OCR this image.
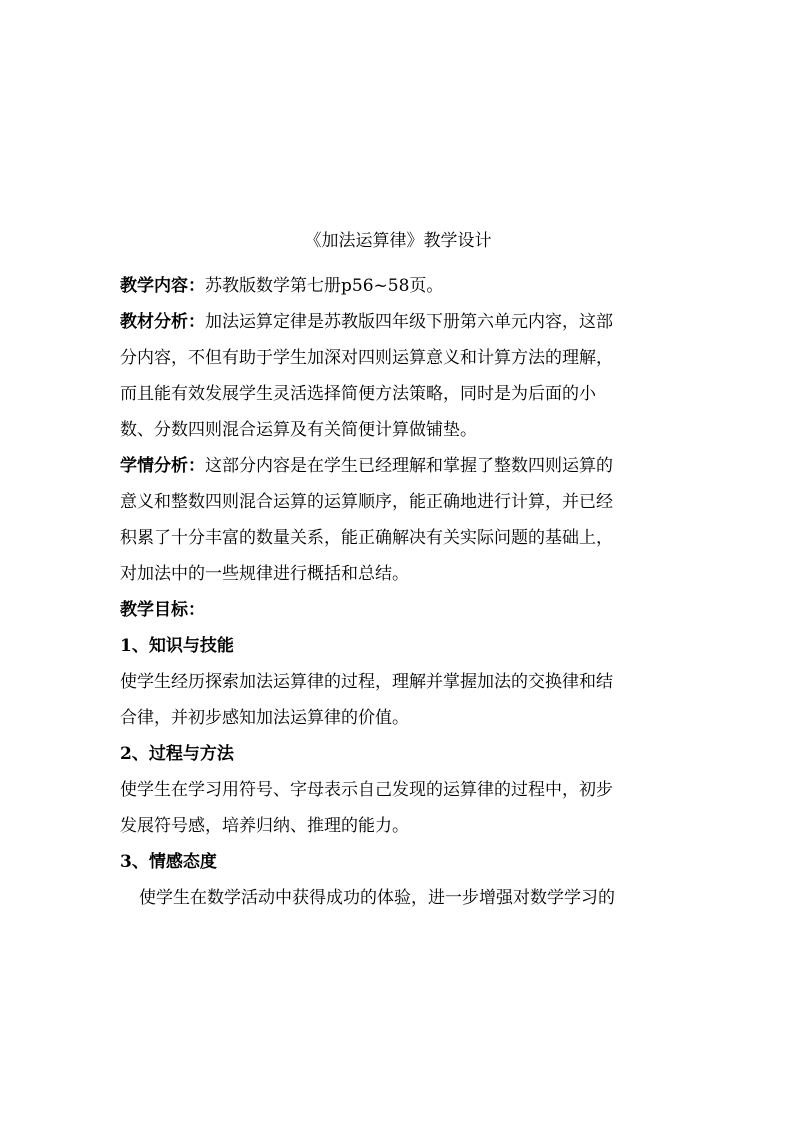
《加法运算律》教学设计

教学内容：苏教版数学第七册p56~58页。

教材分析：加法运算定律是苏教版四年级下册第六单元内容，这部
分内容，不但有助于学生加深对四则运算意义和计算方法的理解，
而且能有效发展学生灵活选择简便方法策略，同时是为后面的小
数、分数四则混合运算及有关简便计算做铺垫。

学情分析：这部分内容是在学生已经理解和掌握了整数四则运算的
意义和整数四则混合运算的运算顺序，能正确地进行计算，并已经
积累了十分丰富的数量关系，能正确解决有关实际问题的基础上，
对加法中的一些规律进行概括和总结。

教学目标：

1、知识与技能

使学生经历探索加法运算律的过程，理解并掌握加法的交换律和结
合律，并初步感知加法运算律的价值。

2、过程与方法

使学生在学习用符号、字母表示自己发现的运算律的过程中，初步
发展符号感，培养归纳、推理的能力。

3、情感态度

使学生在数学活动中获得成功的体验，进一步增强对数学学习的
